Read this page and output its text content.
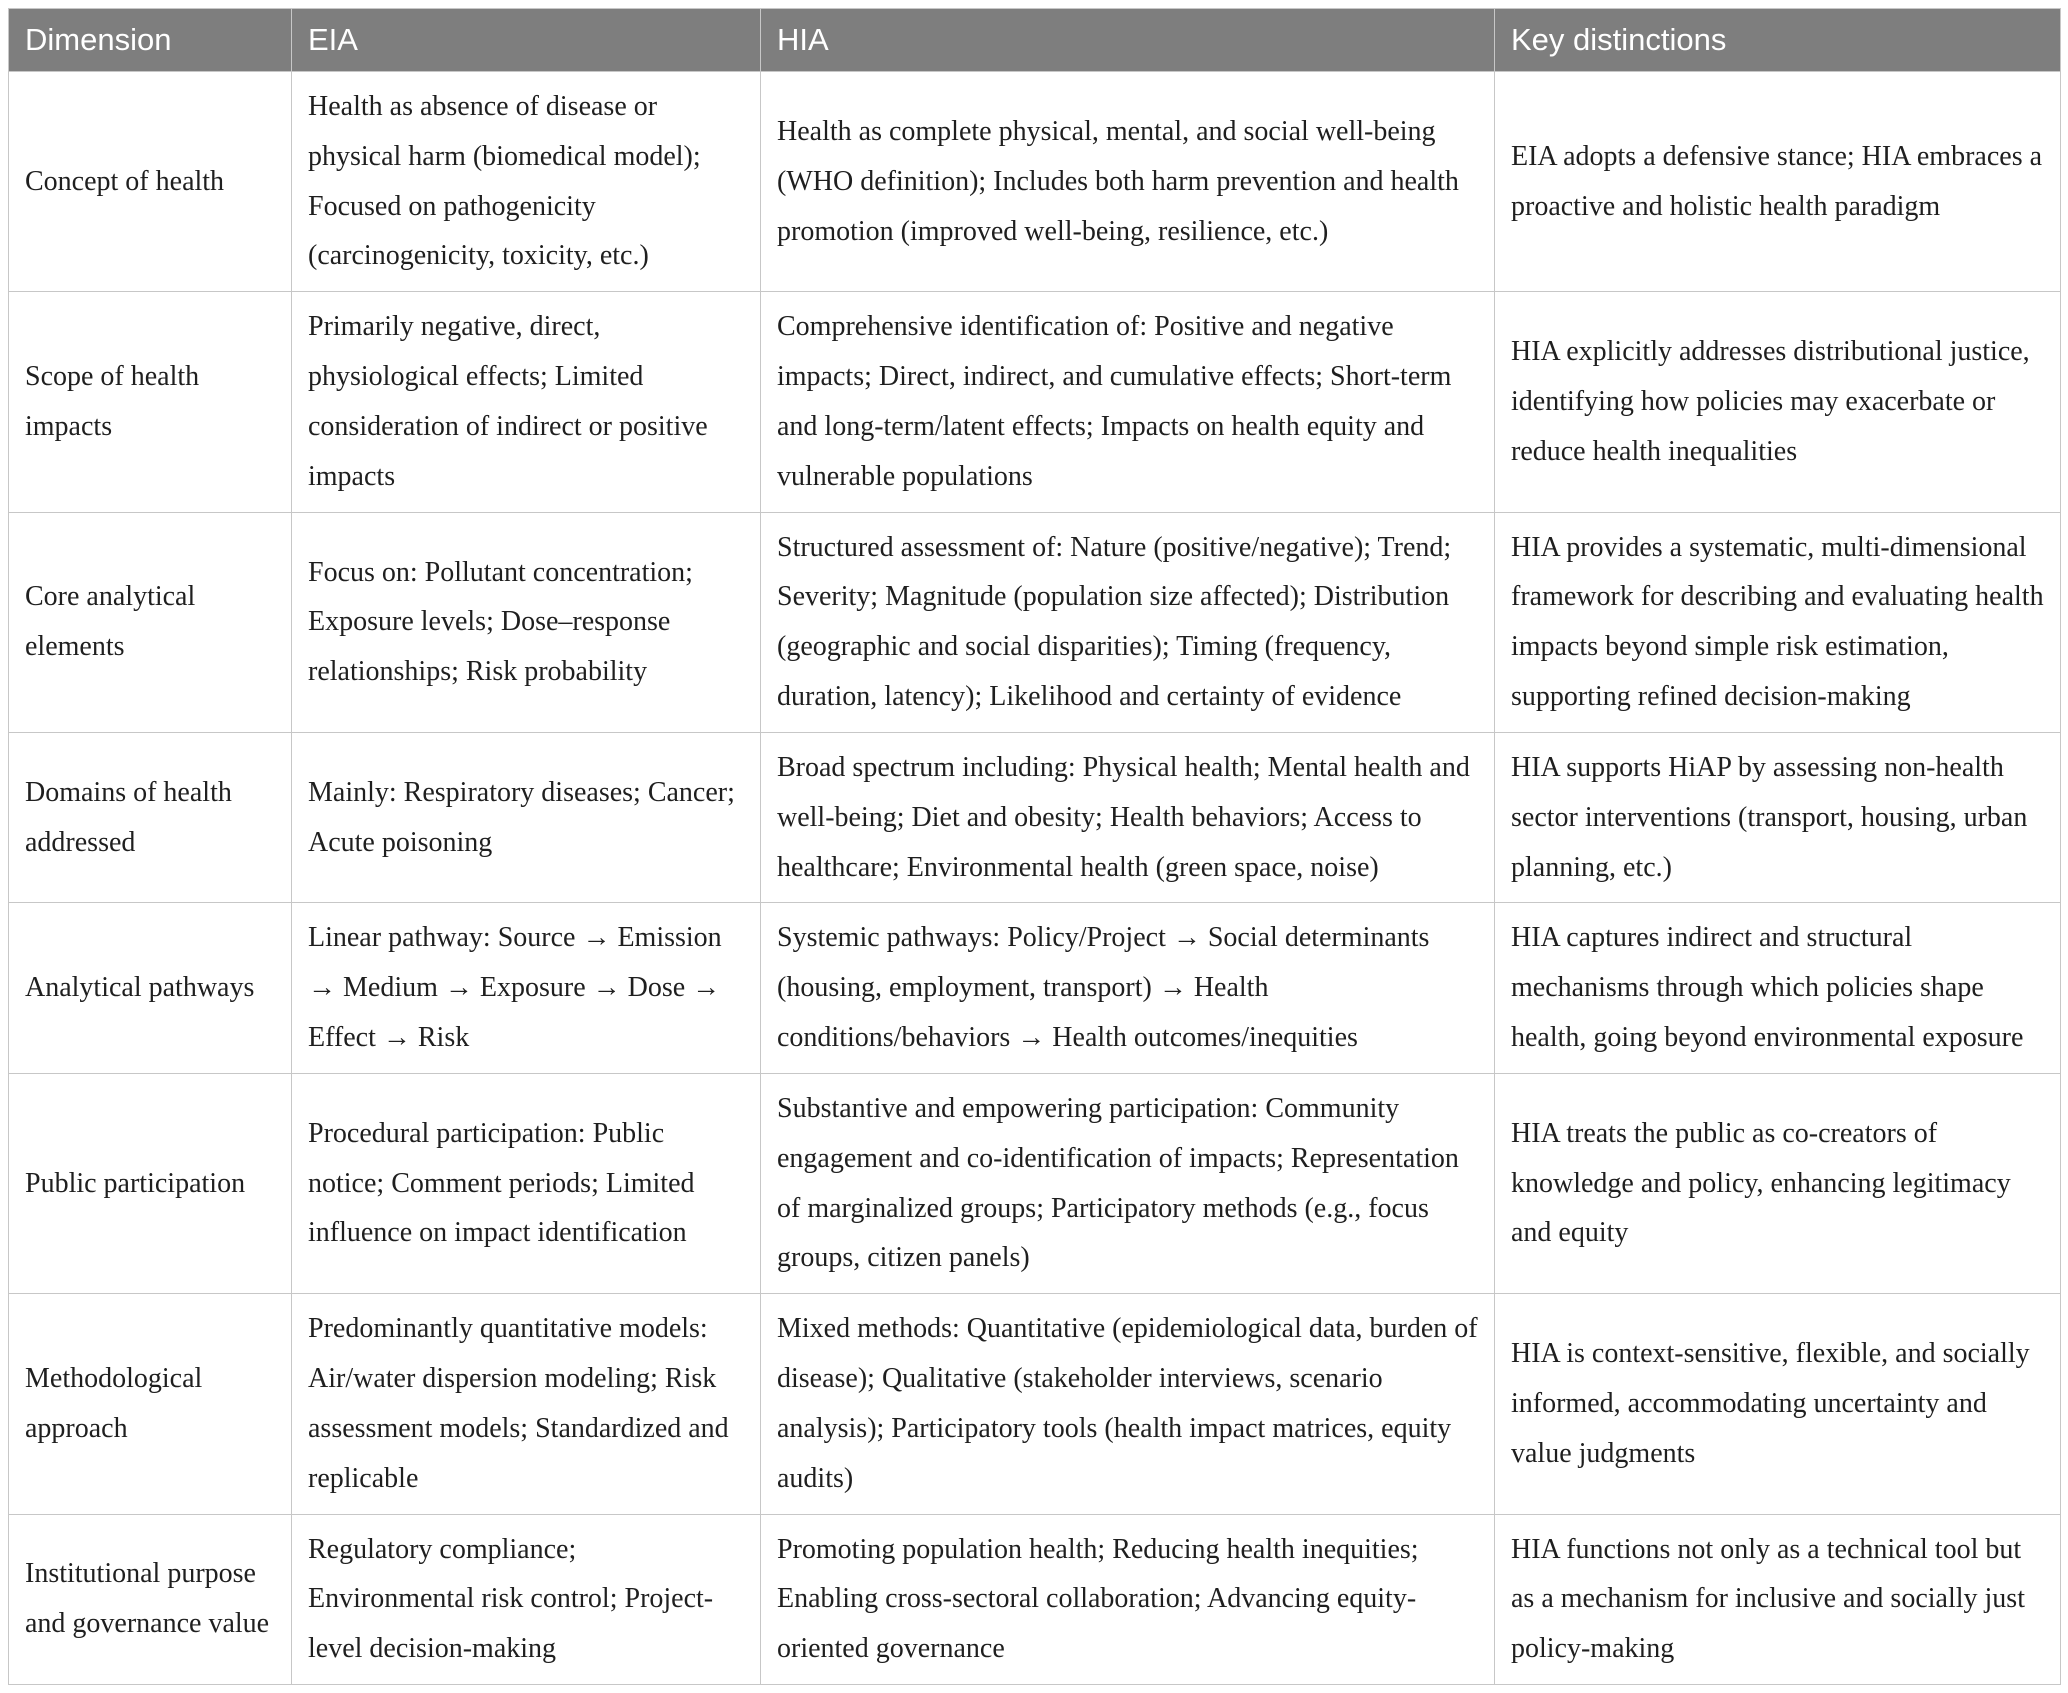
Dimension	EIA	HIA	Key distinctions
Concept of health	Health as absence of disease or physical harm (biomedical model); Focused on pathogenicity (carcinogenicity, toxicity, etc.)	Health as complete physical, mental, and social well-being (WHO definition); Includes both harm prevention and health promotion (improved well-being, resilience, etc.)	EIA adopts a defensive stance; HIA embraces a proactive and holistic health paradigm
Scope of health impacts	Primarily negative, direct, physiological effects; Limited consideration of indirect or positive impacts	Comprehensive identification of: Positive and negative impacts; Direct, indirect, and cumulative effects; Short-term and long-term/latent effects; Impacts on health equity and vulnerable populations	HIA explicitly addresses distributional justice, identifying how policies may exacerbate or reduce health inequalities
Core analytical elements	Focus on: Pollutant concentration; Exposure levels; Dose–response relationships; Risk probability	Structured assessment of: Nature (positive/negative); Trend; Severity; Magnitude (population size affected); Distribution (geographic and social disparities); Timing (frequency, duration, latency); Likelihood and certainty of evidence	HIA provides a systematic, multi-dimensional framework for describing and evaluating health impacts beyond simple risk estimation, supporting refined decision-making
Domains of health addressed	Mainly: Respiratory diseases; Cancer; Acute poisoning	Broad spectrum including: Physical health; Mental health and well-being; Diet and obesity; Health behaviors; Access to healthcare; Environmental health (green space, noise)	HIA supports HiAP by assessing non-health sector interventions (transport, housing, urban planning, etc.)
Analytical pathways	Linear pathway: Source → Emission → Medium → Exposure → Dose → Effect → Risk	Systemic pathways: Policy/Project → Social determinants (housing, employment, transport) → Health conditions/behaviors → Health outcomes/inequities	HIA captures indirect and structural mechanisms through which policies shape health, going beyond environmental exposure
Public participation	Procedural participation: Public notice; Comment periods; Limited influence on impact identification	Substantive and empowering participation: Community engagement and co-identification of impacts; Representation of marginalized groups; Participatory methods (e.g., focus groups, citizen panels)	HIA treats the public as co-creators of knowledge and policy, enhancing legitimacy and equity
Methodological approach	Predominantly quantitative models: Air/water dispersion modeling; Risk assessment models; Standardized and replicable	Mixed methods: Quantitative (epidemiological data, burden of disease); Qualitative (stakeholder interviews, scenario analysis); Participatory tools (health impact matrices, equity audits)	HIA is context-sensitive, flexible, and socially informed, accommodating uncertainty and value judgments
Institutional purpose and governance value	Regulatory compliance; Environmental risk control; Project-level decision-making	Promoting population health; Reducing health inequities; Enabling cross-sectoral collaboration; Advancing equity-oriented governance	HIA functions not only as a technical tool but as a mechanism for inclusive and socially just policy-making
